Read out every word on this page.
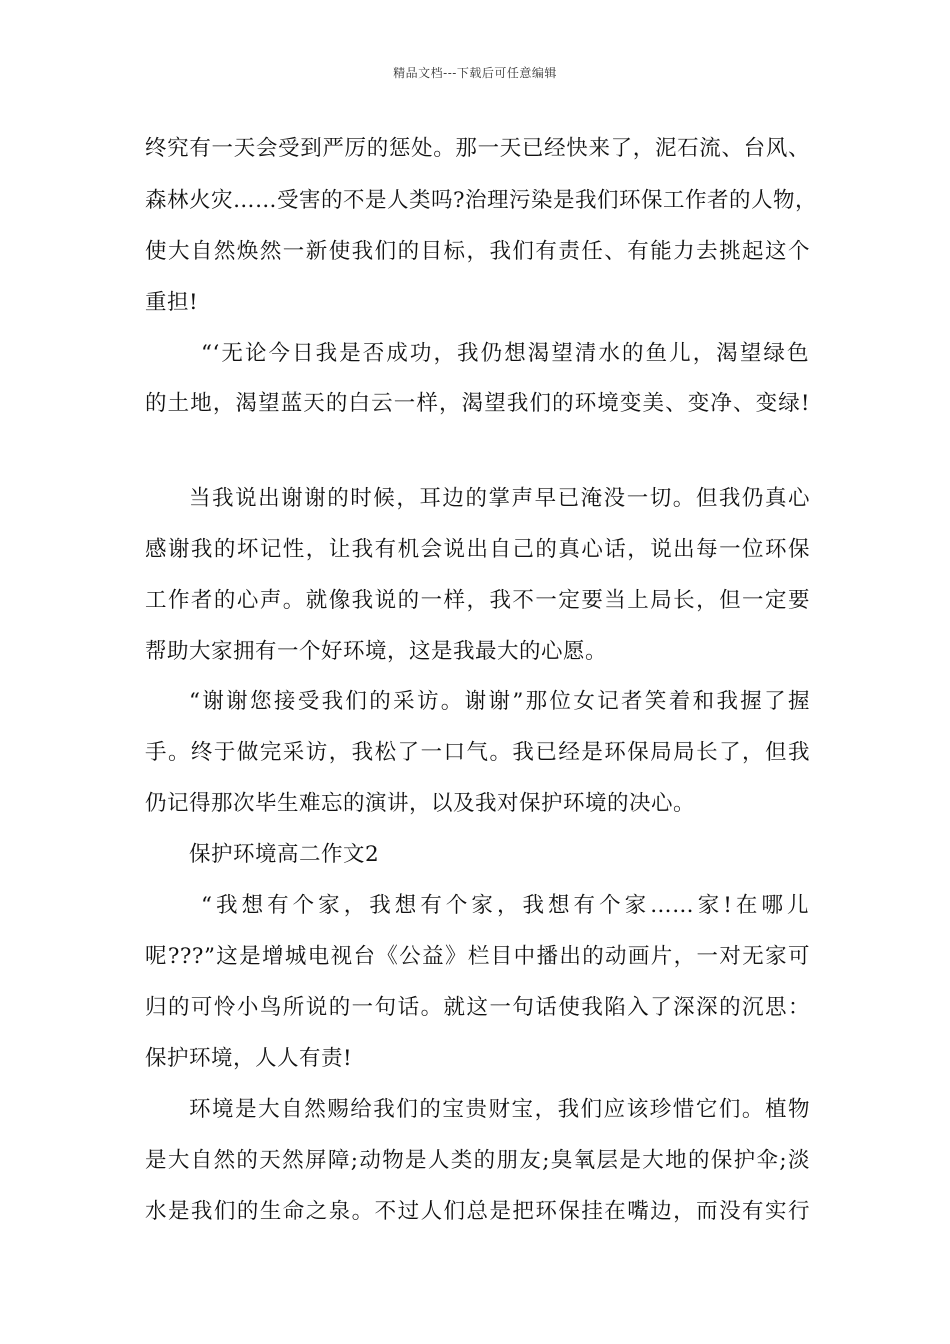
精品文档---下载后可任意编辑
终究有一天会受到严厉的惩处。那一天已经快来了，泥石流、台风、
森林火灾……受害的不是人类吗?治理污染是我们环保工作者的人物，
使大自然焕然一新使我们的目标，我们有责任、有能力去挑起这个
重担!
“‘无论今日我是否成功，我仍想渴望清水的鱼儿，渴望绿色
的土地，渴望蓝天的白云一样，渴望我们的环境变美、变净、变绿!
当我说出谢谢的时候，耳边的掌声早已淹没一切。但我仍真心
感谢我的坏记性，让我有机会说出自己的真心话，说出每一位环保
工作者的心声。就像我说的一样，我不一定要当上局长，但一定要
帮助大家拥有一个好环境，这是我最大的心愿。
“谢谢您接受我们的采访。谢谢”那位女记者笑着和我握了握
手。终于做完采访，我松了一口气。我已经是环保局局长了，但我
仍记得那次毕生难忘的演讲，以及我对保护环境的决心。
保护环境高二作文2
“我想有个家，我想有个家，我想有个家……家!在哪儿
呢???”这是增城电视台《公益》栏目中播出的动画片，一对无家可
归的可怜小鸟所说的一句话。就这一句话使我陷入了深深的沉思：
保护环境，人人有责!
环境是大自然赐给我们的宝贵财宝，我们应该珍惜它们。植物
是大自然的天然屏障;动物是人类的朋友;臭氧层是大地的保护伞;淡
水是我们的生命之泉。不过人们总是把环保挂在嘴边，而没有实行
